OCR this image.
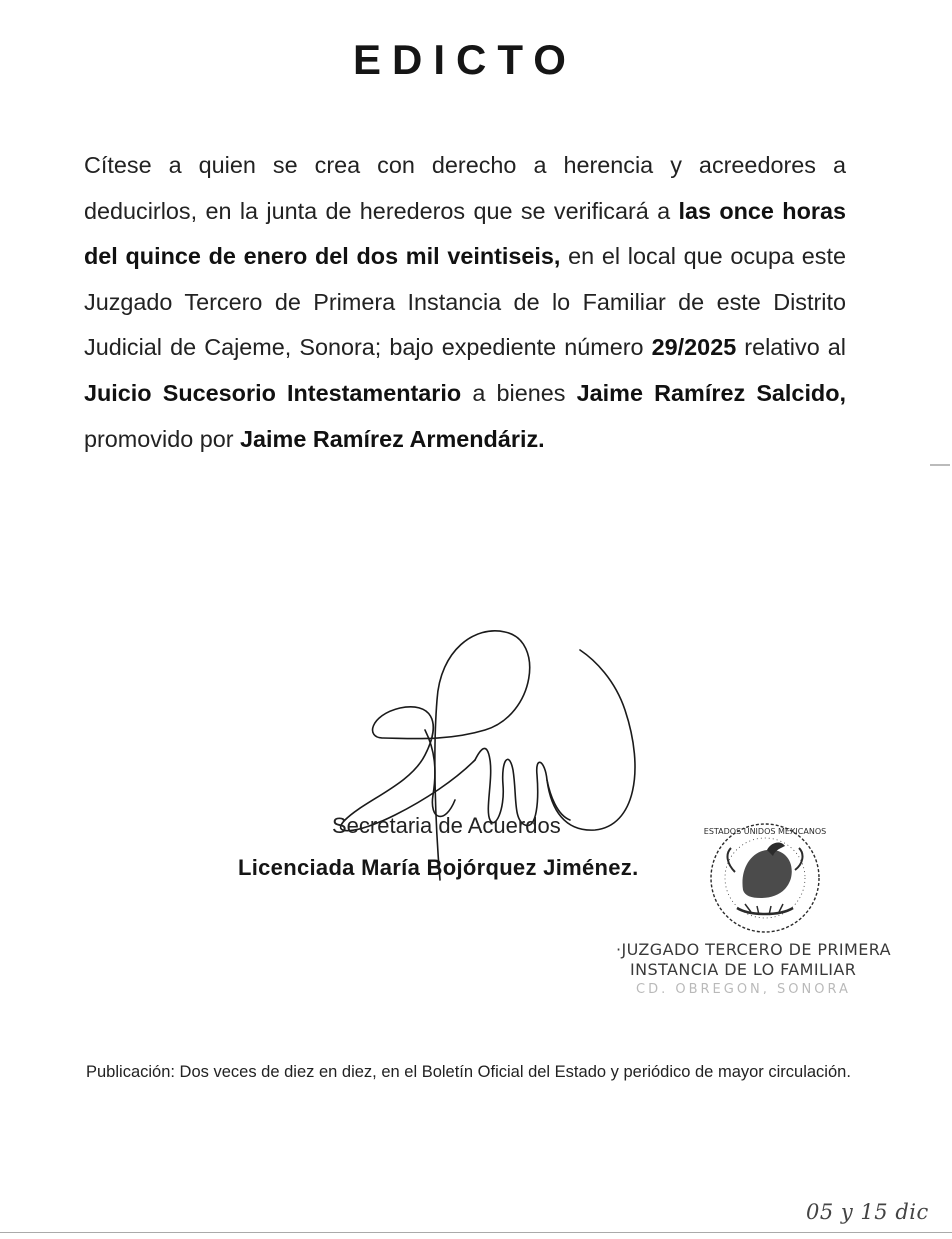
EDICTO

Cítese a quien se crea con derecho a herencia y acreedores a deducirlos, en la junta de herederos que se verificará a las once horas del quince de enero del dos mil veintiseis, en el local que ocupa este Juzgado Tercero de Primera Instancia de lo Familiar de este Distrito Judicial de Cajeme, Sonora; bajo expediente número 29/2025 relativo al Juicio Sucesorio Intestamentario a bienes Jaime Ramírez Salcido, promovido por Jaime Ramírez Armendáriz.

Secretaria de Acuerdos
Licenciada María Bojórquez Jiménez.
ESTADOS UNIDOS MEXICANOS
·JUZGADO TERCERO DE PRIMERA
INSTANCIA DE LO FAMILIAR
CD. OBREGON, SONORA

Publicación: Dos veces de diez en diez, en el Boletín Oficial del Estado y periódico de mayor circulación.

05 y 15 dic
